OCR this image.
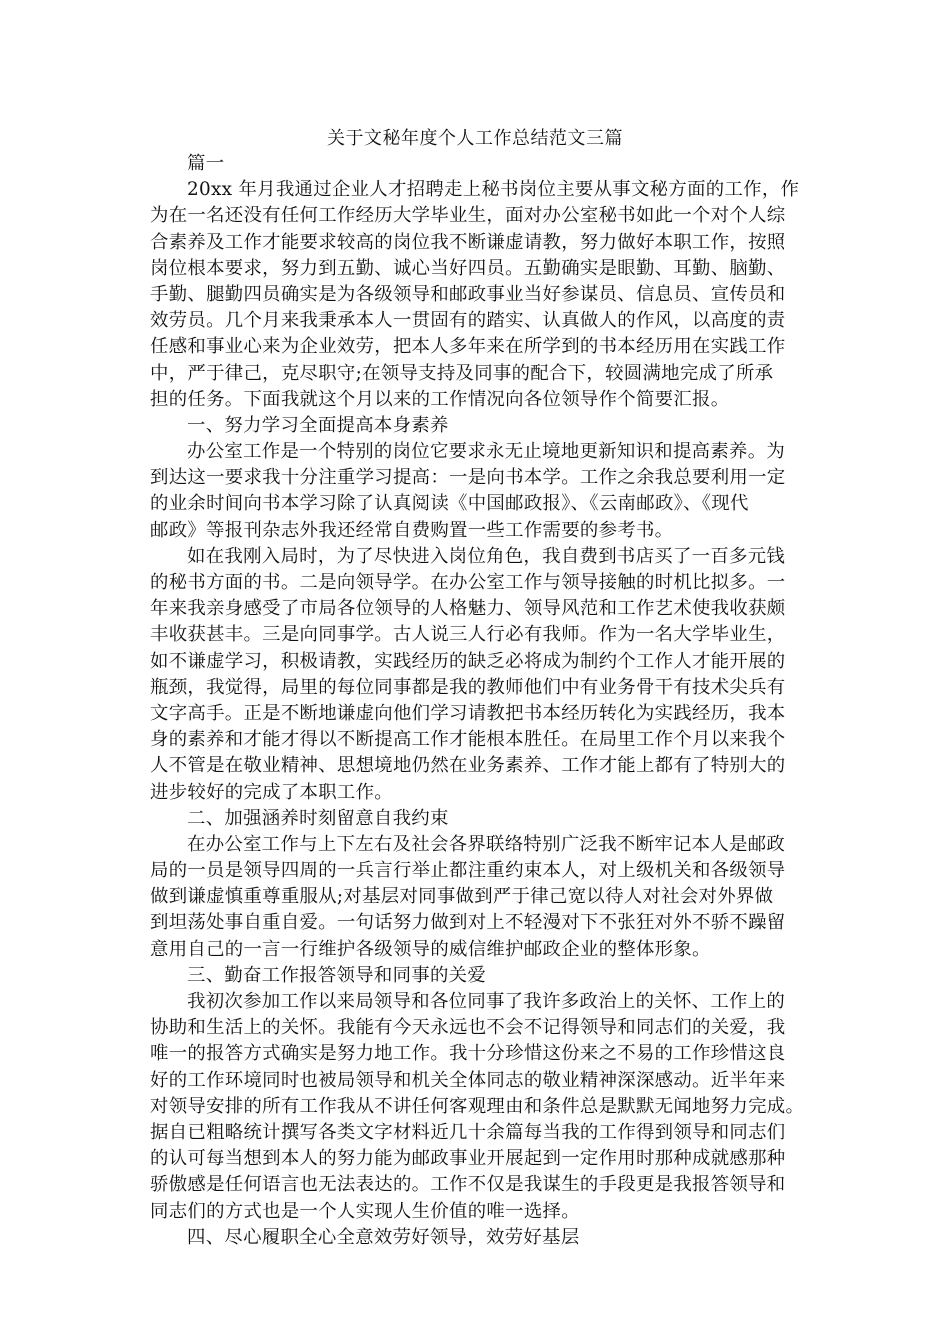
关于文秘年度个人工作总结范文三篇
篇一
20xx 年月我通过企业人才招聘走上秘书岗位主要从事文秘方面的工作，作
为在一名还没有任何工作经历大学毕业生，面对办公室秘书如此一个对个人综
合素养及工作才能要求较高的岗位我不断谦虚请教，努力做好本职工作，按照
岗位根本要求，努力到五勤、诚心当好四员。五勤确实是眼勤、耳勤、脑勤、
手勤、腿勤四员确实是为各级领导和邮政事业当好参谋员、信息员、宣传员和
效劳员。几个月来我秉承本人一贯固有的踏实、认真做人的作风，以高度的责
任感和事业心来为企业效劳，把本人多年来在所学到的书本经历用在实践工作
中，严于律己，克尽职守;在领导支持及同事的配合下，较圆满地完成了所承
担的任务。下面我就这个月以来的工作情况向各位领导作个简要汇报。
一、努力学习全面提高本身素养
办公室工作是一个特别的岗位它要求永无止境地更新知识和提高素养。为
到达这一要求我十分注重学习提高：一是向书本学。工作之余我总要利用一定
的业余时间向书本学习除了认真阅读《中国邮政报》、《云南邮政》、《现代
邮政》等报刊杂志外我还经常自费购置一些工作需要的参考书。
如在我刚入局时，为了尽快进入岗位角色，我自费到书店买了一百多元钱
的秘书方面的书。二是向领导学。在办公室工作与领导接触的时机比拟多。一
年来我亲身感受了市局各位领导的人格魅力、领导风范和工作艺术使我收获颇
丰收获甚丰。三是向同事学。古人说三人行必有我师。作为一名大学毕业生，
如不谦虚学习，积极请教，实践经历的缺乏必将成为制约个工作人才能开展的
瓶颈，我觉得，局里的每位同事都是我的教师他们中有业务骨干有技术尖兵有
文字高手。正是不断地谦虚向他们学习请教把书本经历转化为实践经历，我本
身的素养和才能才得以不断提高工作才能根本胜任。在局里工作个月以来我个
人不管是在敬业精神、思想境地仍然在业务素养、工作才能上都有了特别大的
进步较好的完成了本职工作。
二、加强涵养时刻留意自我约束
在办公室工作与上下左右及社会各界联络特别广泛我不断牢记本人是邮政
局的一员是领导四周的一兵言行举止都注重约束本人，对上级机关和各级领导
做到谦虚慎重尊重服从;对基层对同事做到严于律己宽以待人对社会对外界做
到坦荡处事自重自爱。一句话努力做到对上不轻漫对下不张狂对外不骄不躁留
意用自己的一言一行维护各级领导的威信维护邮政企业的整体形象。
三、勤奋工作报答领导和同事的关爱
我初次参加工作以来局领导和各位同事了我许多政治上的关怀、工作上的
协助和生活上的关怀。我能有今天永远也不会不记得领导和同志们的关爱，我
唯一的报答方式确实是努力地工作。我十分珍惜这份来之不易的工作珍惜这良
好的工作环境同时也被局领导和机关全体同志的敬业精神深深感动。近半年来
对领导安排的所有工作我从不讲任何客观理由和条件总是默默无闻地努力完成。
据自已粗略统计撰写各类文字材料近几十余篇每当我的工作得到领导和同志们
的认可每当想到本人的努力能为邮政事业开展起到一定作用时那种成就感那种
骄傲感是任何语言也无法表达的。工作不仅是我谋生的手段更是我报答领导和
同志们的方式也是一个人实现人生价值的唯一选择。
四、尽心履职全心全意效劳好领导，效劳好基层
